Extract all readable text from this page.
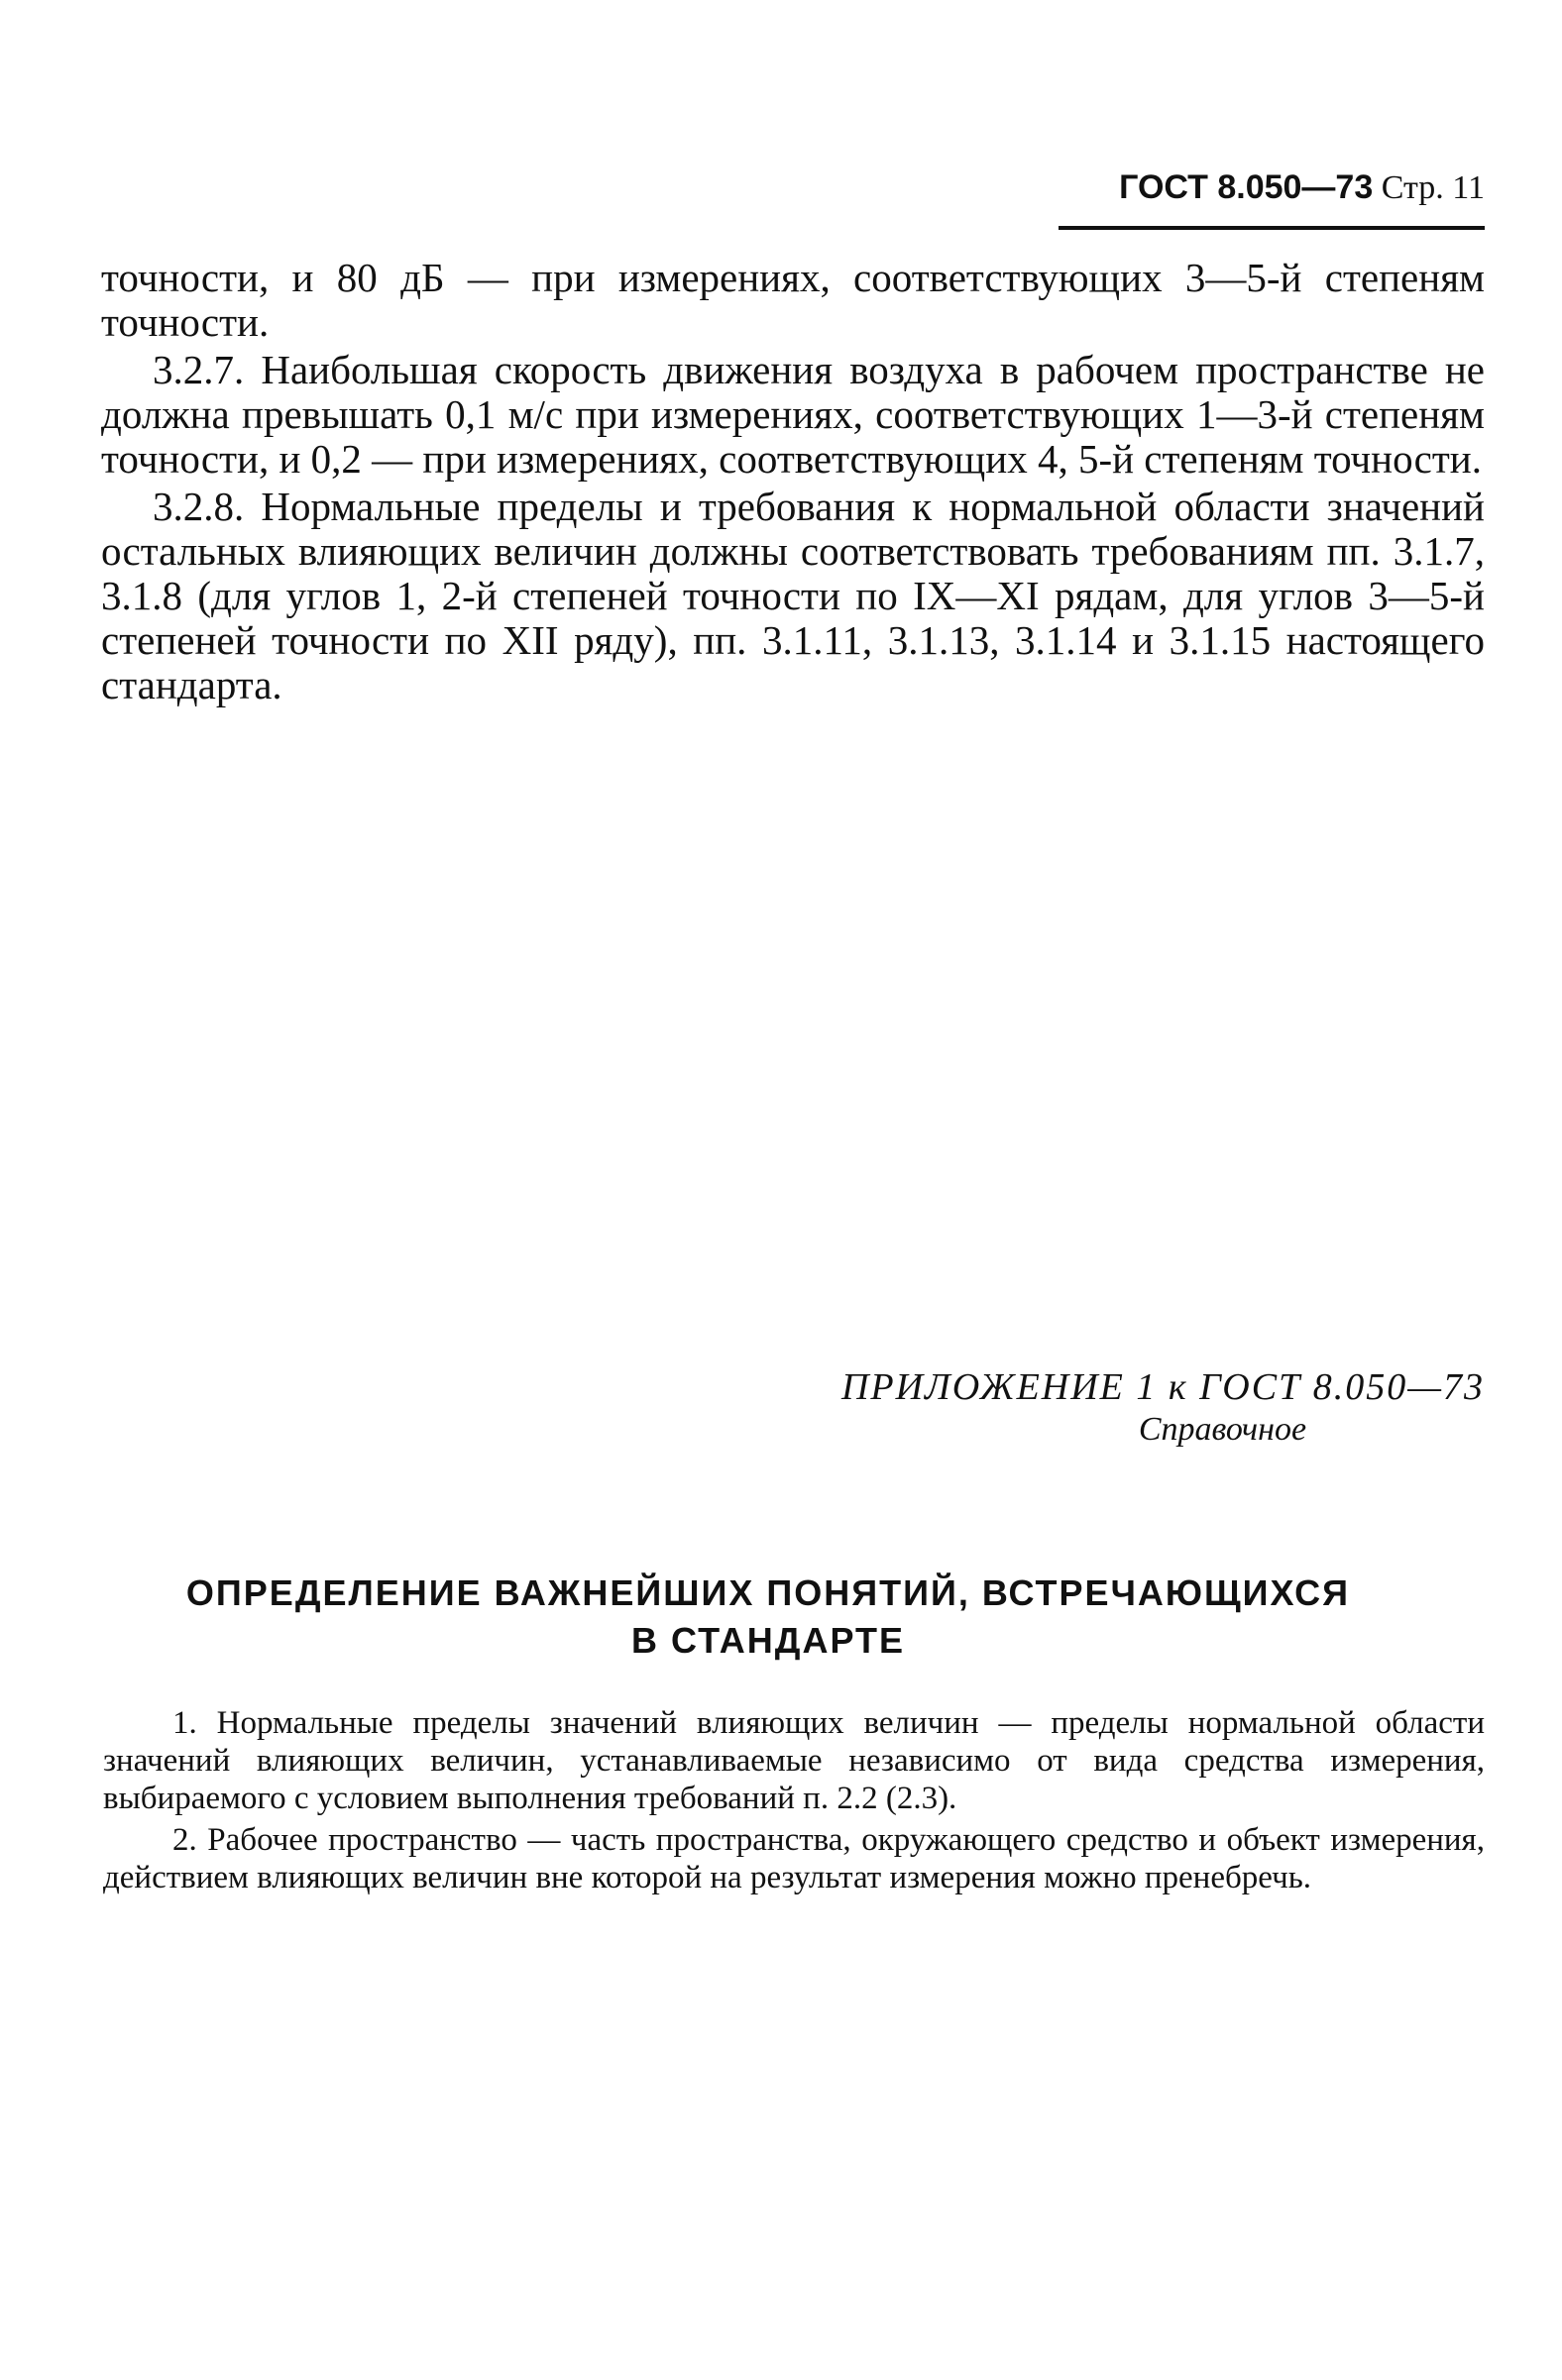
ГОСТ 8.050—73 Стр. 11

точности, и 80 дБ — при измерениях, соответствующих 3—5-й степеням точности.

3.2.7. Наибольшая скорость движения воздуха в рабочем пространстве не должна превышать 0,1 м/с при измерениях, соответствующих 1—3-й степеням точности, и 0,2 — при измерениях, соответствующих 4, 5-й степеням точности.

3.2.8. Нормальные пределы и требования к нормальной области значений остальных влияющих величин должны соответствовать требованиям пп. 3.1.7, 3.1.8 (для углов 1, 2-й степеней точности по IX—XI рядам, для углов 3—5-й степеней точности по XII ряду), пп. 3.1.11, 3.1.13, 3.1.14 и 3.1.15 настоящего стандарта.

ПРИЛОЖЕНИЕ 1 к ГОСТ 8.050—73
Справочное
ОПРЕДЕЛЕНИЕ ВАЖНЕЙШИХ ПОНЯТИЙ, ВСТРЕЧАЮЩИХСЯ
В СТАНДАРТЕ

1. Нормальные пределы значений влияющих величин — пределы нормальной области значений влияющих величин, устанавливаемые независимо от вида средства измерения, выбираемого с условием выполнения требований п. 2.2 (2.3).

2. Рабочее пространство — часть пространства, окружающего средство и объект измерения, действием влияющих величин вне которой на результат измерения можно пренебречь.
